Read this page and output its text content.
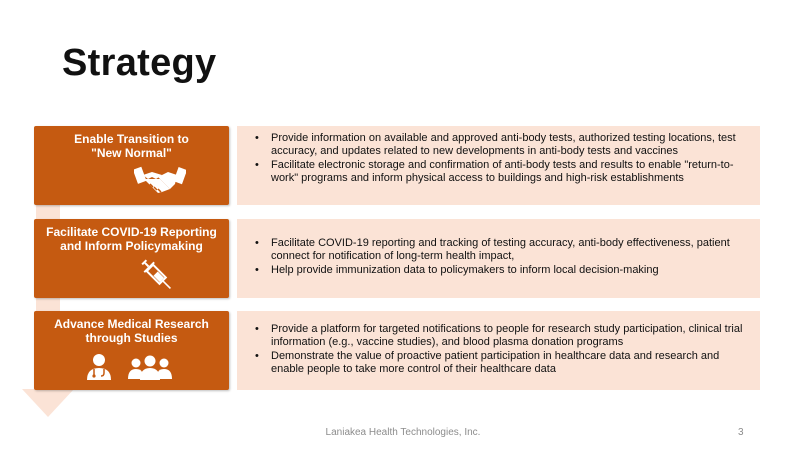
Strategy
Enable Transition to
"New Normal"
• Provide information on available and approved anti-body tests, authorized testing locations, test accuracy, and updates related to new developments in anti-body tests and vaccines
• Facilitate electronic storage and confirmation of anti-body tests and results to enable "return-to-work" programs and inform physical access to buildings and high-risk establishments
Facilitate COVID-19 Reporting
and Inform Policymaking
•	Facilitate COVID-19 reporting and tracking of testing accuracy, anti-body effectiveness, patient connect for notification of long-term health impact,
• Help provide immunization data to policymakers to inform local decision-making
Advance Medical Research
through Studies
• Provide a platform for targeted notifications to people for research study participation, clinical trial information (e.g., vaccine studies), and blood plasma donation programs
• Demonstrate the value of proactive patient participation in healthcare data and research and enable people to take more control of their healthcare data
Laniakea Health Technologies, Inc.	3
